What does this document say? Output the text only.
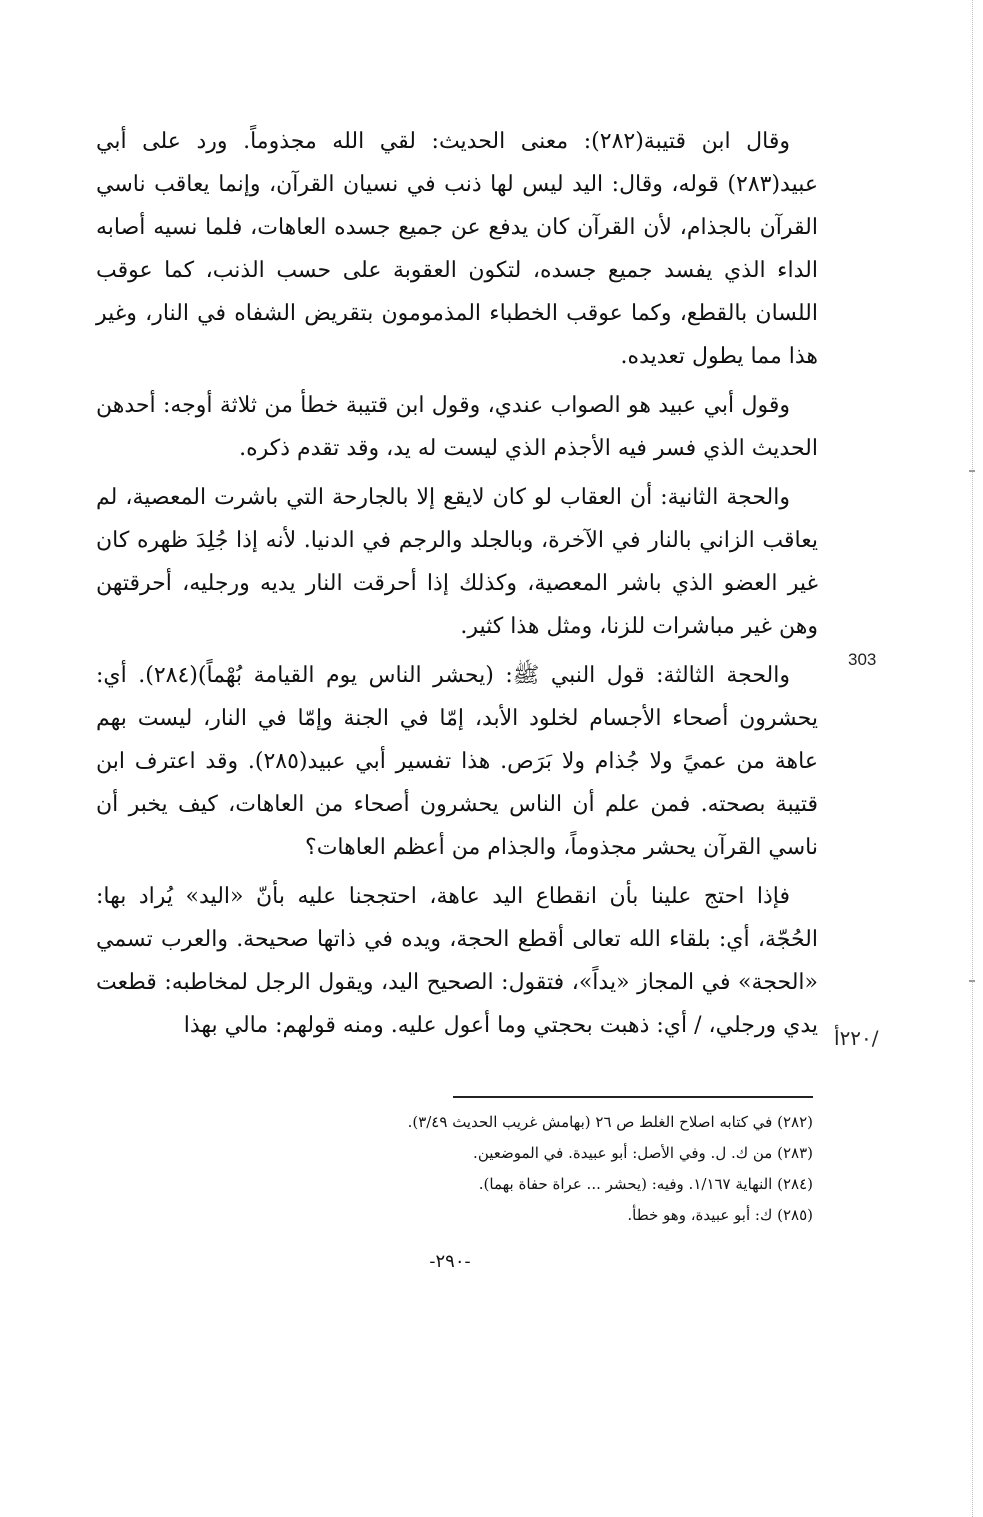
وقال ابن قتيبة(٢٨٢): معنى الحديث: لقي الله مجذوماً. ورد على أبي عبيد(٢٨٣) قوله، وقال: اليد ليس لها ذنب في نسيان القرآن، وإنما يعاقب ناسي القرآن بالجذام، لأن القرآن كان يدفع عن جميع جسده العاهات، فلما نسيه أصابه الداء الذي يفسد جميع جسده، لتكون العقوبة على حسب الذنب، كما عوقب اللسان بالقطع، وكما عوقب الخطباء المذمومون بتقريض الشفاه في النار، وغير هذا مما يطول تعديده.

وقول أبي عبيد هو الصواب عندي، وقول ابن قتيبة خطأ من ثلاثة أوجه: أحدهن الحديث الذي فسر فيه الأجذم الذي ليست له يد، وقد تقدم ذكره.

والحجة الثانية: أن العقاب لو كان لايقع إلا بالجارحة التي باشرت المعصية، لم يعاقب الزاني بالنار في الآخرة، وبالجلد والرجم في الدنيا. لأنه إذا جُلِدَ ظهره كان غير العضو الذي باشر المعصية، وكذلك إذا أحرقت النار يديه ورجليه، أحرقتهن وهن غير مباشرات للزنا، ومثل هذا كثير.

والحجة الثالثة: قول النبي ﷺ: (يحشر الناس يوم القيامة بُهْماً)(٢٨٤). أي: يحشرون أصحاء الأجسام لخلود الأبد، إمّا في الجنة وإمّا في النار، ليست بهم عاهة من عميً ولا جُذام ولا بَرَص. هذا تفسير أبي عبيد(٢٨٥). وقد اعترف ابن قتيبة بصحته. فمن علم أن الناس يحشرون أصحاء من العاهات، كيف يخبر أن ناسي القرآن يحشر مجذوماً، والجذام من أعظم العاهات؟

فإذا احتج علينا بأن انقطاع اليد عاهة، احتججنا عليه بأنّ «اليد» يُراد بها: الحُجّة، أي: بلقاء الله تعالى أقطع الحجة، ويده في ذاتها صحيحة. والعرب تسمي «الحجة» في المجاز «يداً»، فتقول: الصحيح اليد، ويقول الرجل لمخاطبه: قطعت يدي ورجلي، / أي: ذهبت بحجتي وما أعول عليه. ومنه قولهم: مالي بهذا

303
/٢٢٠أ
(٢٨٢) في كتابه اصلاح الغلط ص ٢٦ (بهامش غريب الحديث ٣/٤٩).
(٢٨٣) من ك. ل. وفي الأصل: أبو عبيدة. في الموضعين.
(٢٨٤) النهاية ١/١٦٧. وفيه: (يحشر ... عراة حفاة بهما).
(٢٨٥) ك: أبو عبيدة، وهو خطأ.
-٢٩٠-
